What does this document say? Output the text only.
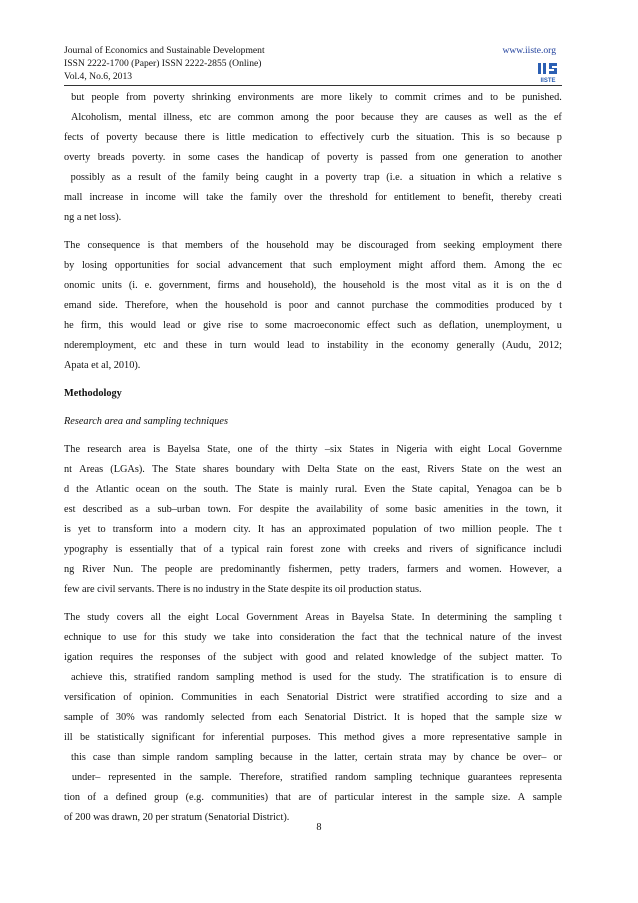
Journal of Economics and Sustainable Development
ISSN 2222-1700 (Paper) ISSN 2222-2855 (Online)
Vol.4, No.6, 2013
www.iiste.org
IISTE
but people from poverty shrinking environments are more likely to commit crimes and to be punished.
Alcoholism, mental illness, etc are common among the poor because they are causes as well as the ef
fects of poverty because there is little medication to effectively curb the situation. This is so because p
overty breads poverty. in some cases the handicap of poverty is passed from one generation to another
possibly as a result of the family being caught in a poverty trap (i.e. a situation in which a relative s
mall increase in income will take the family over the threshold for entitlement to benefit, thereby creati
ng a net loss).
The consequence is that members of the household may be discouraged from seeking employment there
by losing opportunities for social advancement that such employment might afford them. Among the ec
onomic units (i. e. government, firms and household), the household is the most vital as it is on the d
emand side. Therefore, when the household is poor and cannot purchase the commodities produced by t
he firm, this would lead or give rise to some macroeconomic effect such as deflation, unemployment, u
nderemployment, etc and these in turn would lead to instability in the economy generally (Audu, 2012;
Apata et al, 2010).
Methodology
Research area and sampling techniques
The research area is Bayelsa State, one of the thirty –six States in Nigeria with eight Local Governme
nt Areas (LGAs). The State shares boundary with Delta State on the east, Rivers State on the west an
d the Atlantic ocean on the south. The State is mainly rural. Even the State capital, Yenagoa can be b
est described as a sub–urban town. For despite the availability of some basic amenities in the town, it
is yet to transform into a modern city. It has an approximated population of two million people. The t
ypography is essentially that of a typical rain forest zone with creeks and rivers of significance includi
ng River Nun. The people are predominantly fishermen, petty traders, farmers and women. However, a
few are civil servants. There is no industry in the State despite its oil production status.
The study covers all the eight Local Government Areas in Bayelsa State. In determining the sampling t
echnique to use for this study we take into consideration the fact that the technical nature of the invest
igation requires the responses of the subject with good and related knowledge of the subject matter. To
achieve this, stratified random sampling method is used for the study. The stratification is to ensure di
versification of opinion. Communities in each Senatorial District were stratified according to size and a
sample of 30% was randomly selected from each Senatorial District. It is hoped that the sample size w
ill be statistically significant for inferential purposes. This method gives a more representative sample in
this case than simple random sampling because in the latter, certain strata may by chance be over– or
under– represented in the sample. Therefore, stratified random sampling technique guarantees representa
tion of a defined group (e.g. communities) that are of particular interest in the sample size. A sample
of 200 was drawn, 20 per stratum (Senatorial District).
8
